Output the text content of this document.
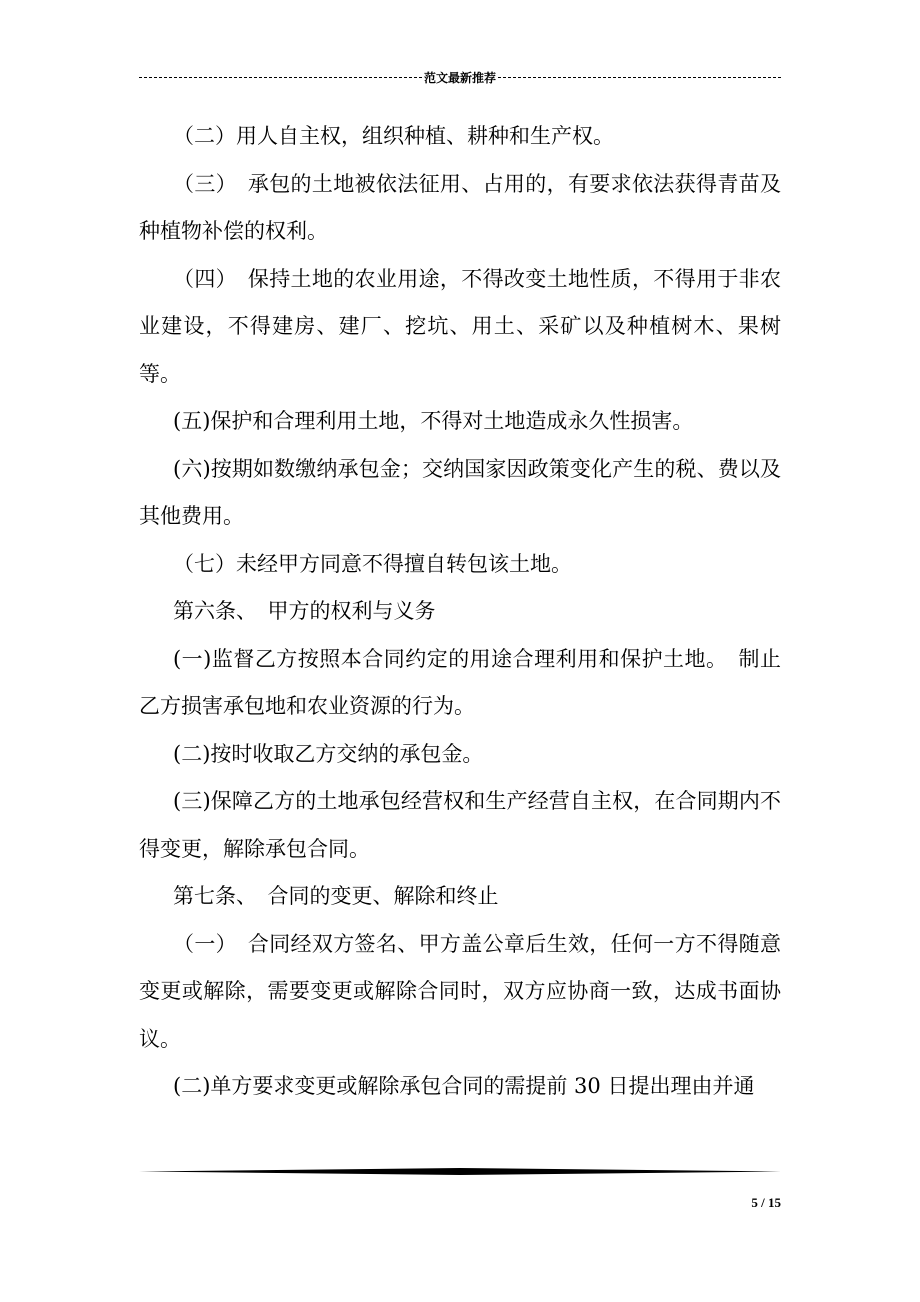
范文最新推荐

（二）用人自主权，组织种植、耕种和生产权。

（三）　承包的土地被依法征用、占用的，有要求依法获得青苗及种植物补偿的权利。

（四）　保持土地的农业用途，不得改变土地性质，不得用于非农业建设，不得建房、建厂、挖坑、用土、采矿以及种植树木、果树等。

(五)保护和合理利用土地，不得对土地造成永久性损害。

(六)按期如数缴纳承包金；交纳国家因政策变化产生的税、费以及其他费用。

（七）未经甲方同意不得擅自转包该土地。

第六条、　甲方的权利与义务

(一)监督乙方按照本合同约定的用途合理利用和保护土地。　制止乙方损害承包地和农业资源的行为。

(二)按时收取乙方交纳的承包金。

(三)保障乙方的土地承包经营权和生产经营自主权，在合同期内不得变更，解除承包合同。

第七条、　合同的变更、解除和终止

（一）　合同经双方签名、甲方盖公章后生效，任何一方不得随意变更或解除，需要变更或解除合同时，双方应协商一致，达成书面协议。

(二)单方要求变更或解除承包合同的需提前 30 日提出理由并通

5 / 15
